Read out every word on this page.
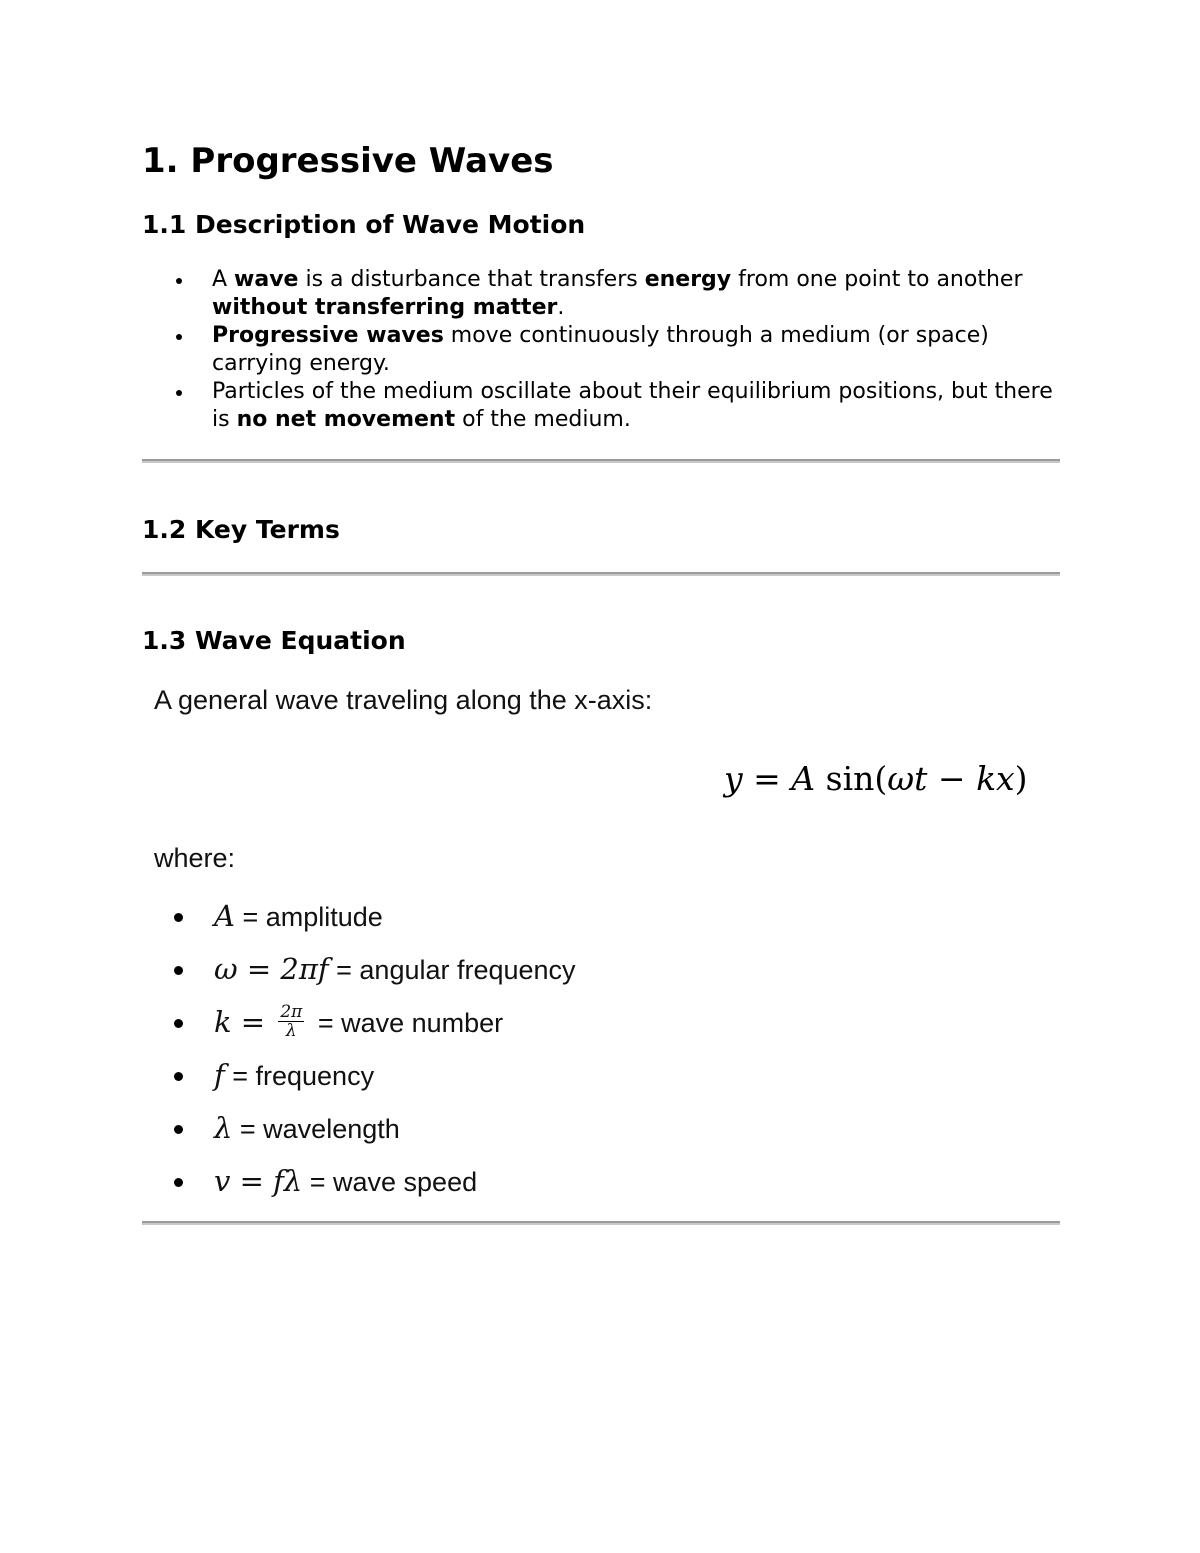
1. Progressive Waves
1.1 Description of Wave Motion
A wave is a disturbance that transfers energy from one point to another without transferring matter.
Progressive waves move continuously through a medium (or space) carrying energy.
Particles of the medium oscillate about their equilibrium positions, but there is no net movement of the medium.
1.2 Key Terms
1.3 Wave Equation
A general wave traveling along the x-axis:
y = A sin(ωt − kx)
where:
A = amplitude
ω = 2πf = angular frequency
$k = \frac{2\pi}{\lambda}$ = wave number
f = frequency
λ = wavelength
v = fλ = wave speed
